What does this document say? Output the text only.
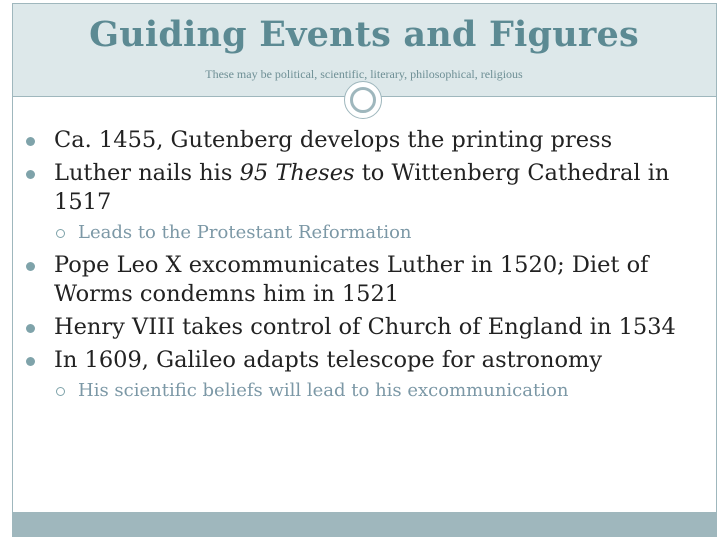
Guiding Events and Figures
These may be political, scientific, literary, philosophical, religious
Ca. 1455, Gutenberg develops the printing press
Luther nails his 95 Theses to Wittenberg Cathedral in 1517
Leads to the Protestant Reformation
Pope Leo X excommunicates Luther in 1520; Diet of Worms condemns him in 1521
Henry VIII takes control of Church of England in 1534
In 1609, Galileo adapts telescope for astronomy
His scientific beliefs will lead to his excommunication
